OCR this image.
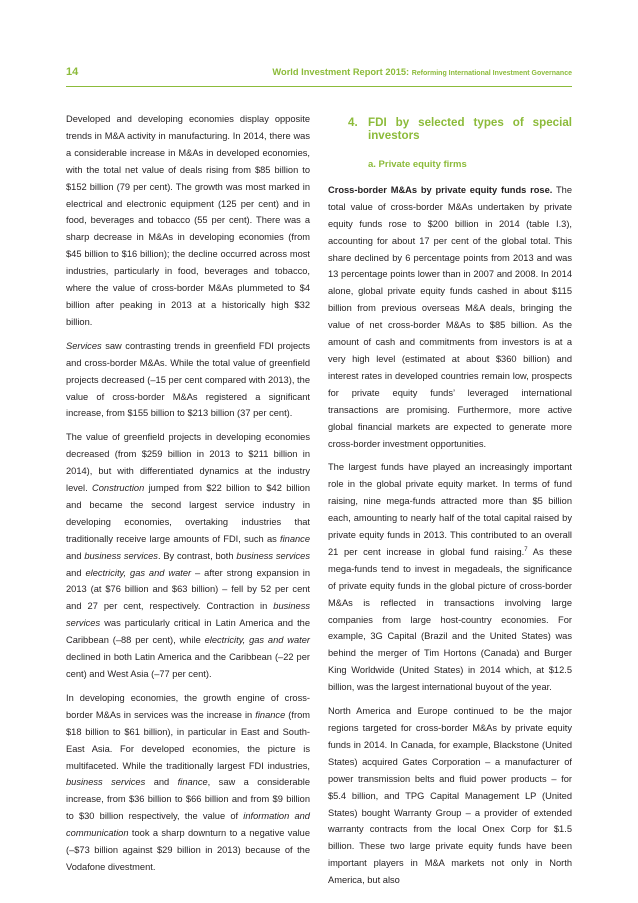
14	World Investment Report 2015: Reforming International Investment Governance

Developed and developing economies display opposite trends in M&A activity in manufacturing. In 2014, there was a considerable increase in M&As in developed economies, with the total net value of deals rising from $85 billion to $152 billion (79 per cent). The growth was most marked in electrical and electronic equipment (125 per cent) and in food, beverages and tobacco (55 per cent). There was a sharp decrease in M&As in developing economies (from $45 billion to $16 billion); the decline occurred across most industries, particularly in food, beverages and tobacco, where the value of cross-border M&As plummeted to $4 billion after peaking in 2013 at a historically high $32 billion.

Services saw contrasting trends in greenfield FDI projects and cross-border M&As. While the total value of greenfield projects decreased (–15 per cent compared with 2013), the value of cross-border M&As registered a significant increase, from $155 billion to $213 billion (37 per cent).

The value of greenfield projects in developing economies decreased (from $259 billion in 2013 to $211 billion in 2014), but with differentiated dynamics at the industry level. Construction jumped from $22 billion to $42 billion and became the second largest service industry in developing economies, overtaking industries that traditionally receive large amounts of FDI, such as finance and business services. By contrast, both business services and electricity, gas and water – after strong expansion in 2013 (at $76 billion and $63 billion) – fell by 52 per cent and 27 per cent, respectively. Contraction in business services was particularly critical in Latin America and the Caribbean (–88 per cent), while electricity, gas and water declined in both Latin America and the Caribbean (–22 per cent) and West Asia (–77 per cent).

In developing economies, the growth engine of cross-border M&As in services was the increase in finance (from $18 billion to $61 billion), in particular in East and South-East Asia. For developed economies, the picture is multifaceted. While the traditionally largest FDI industries, business services and finance, saw a considerable increase, from $36 billion to $66 billion and from $9 billion to $30 billion respectively, the value of information and communication took a sharp downturn to a negative value (–$73 billion against $29 billion in 2013) because of the Vodafone divestment.

4. FDI by selected types of special investors
a. Private equity firms

Cross-border M&As by private equity funds rose. The total value of cross-border M&As undertaken by private equity funds rose to $200 billion in 2014 (table I.3), accounting for about 17 per cent of the global total. This share declined by 6 percentage points from 2013 and was 13 percentage points lower than in 2007 and 2008. In 2014 alone, global private equity funds cashed in about $115 billion from previous overseas M&A deals, bringing the value of net cross-border M&As to $85 billion. As the amount of cash and commitments from investors is at a very high level (estimated at about $360 billion) and interest rates in developed countries remain low, prospects for private equity funds’ leveraged international transactions are promising. Furthermore, more active global financial markets are expected to generate more cross-border investment opportunities.

The largest funds have played an increasingly important role in the global private equity market. In terms of fund raising, nine mega-funds attracted more than $5 billion each, amounting to nearly half of the total capital raised by private equity funds in 2013. This contributed to an overall 21 per cent increase in global fund raising.$^7$ As these mega-funds tend to invest in megadeals, the significance of private equity funds in the global picture of cross-border M&As is reflected in transactions involving large companies from large host-country economies. For example, 3G Capital (Brazil and the United States) was behind the merger of Tim Hortons (Canada) and Burger King Worldwide (United States) in 2014 which, at $12.5 billion, was the largest international buyout of the year.

North America and Europe continued to be the major regions targeted for cross-border M&As by private equity funds in 2014. In Canada, for example, Blackstone (United States) acquired Gates Corporation – a manufacturer of power transmission belts and fluid power products – for $5.4 billion, and TPG Capital Management LP (United States) bought Warranty Group – a provider of extended warranty contracts from the local Onex Corp for $1.5 billion. These two large private equity funds have been important players in M&A markets not only in North America, but also
